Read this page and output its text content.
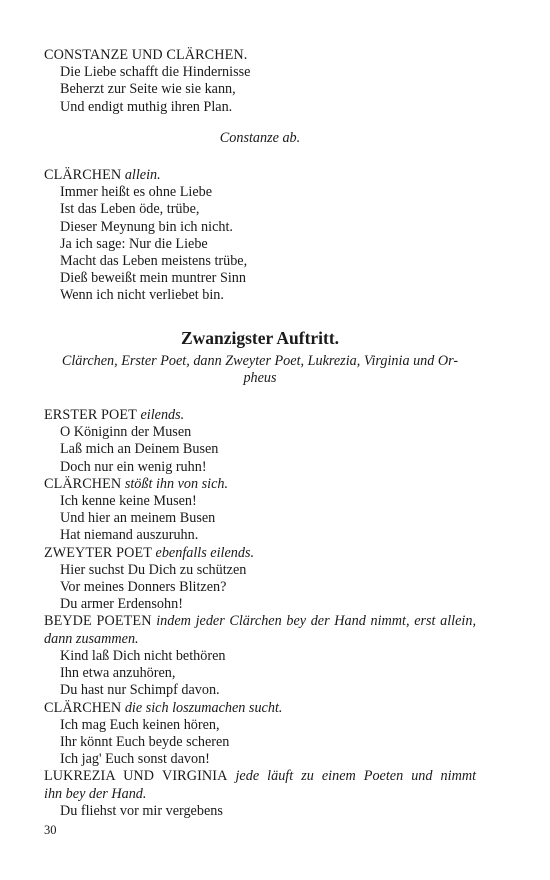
CONSTANZE UND CLÄRCHEN.
Die Liebe schafft die Hindernisse
Beherzt zur Seite wie sie kann,
Und endigt muthig ihren Plan.
Constanze ab.
CLÄRCHEN allein.
Immer heißt es ohne Liebe
Ist das Leben öde, trübe,
Dieser Meynung bin ich nicht.
Ja ich sage: Nur die Liebe
Macht das Leben meistens trübe,
Dieß beweißt mein muntrer Sinn
Wenn ich nicht verliebet bin.
Zwanzigster Auftritt.
Clärchen, Erster Poet, dann Zweyter Poet, Lukrezia, Virginia und Or-
pheus
ERSTER POET eilends.
O Königinn der Musen
Laß mich an Deinem Busen
Doch nur ein wenig ruhn!
CLÄRCHEN stößt ihn von sich.
Ich kenne keine Musen!
Und hier an meinem Busen
Hat niemand auszuruhn.
ZWEYTER POET ebenfalls eilends.
Hier suchst Du Dich zu schützen
Vor meines Donners Blitzen?
Du armer Erdensohn!
BEYDE POETEN indem jeder Clärchen bey der Hand nimmt, erst allein,
dann zusammen.
Kind laß Dich nicht bethören
Ihn etwa anzuhören,
Du hast nur Schimpf davon.
CLÄRCHEN die sich loszumachen sucht.
Ich mag Euch keinen hören,
Ihr könnt Euch beyde scheren
Ich jag' Euch sonst davon!
LUKREZIA UND VIRGINIA jede läuft zu einem Poeten und nimmt
ihn bey der Hand.
Du fliehst vor mir vergebens
30
